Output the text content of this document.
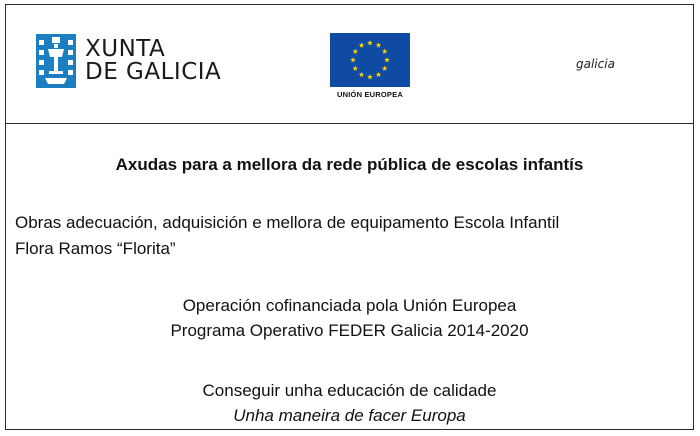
XUNTA
DE GALICIA
UNIÓN EUROPEA
galicia
Axudas para a mellora da rede pública de escolas infantís
Obras adecuación, adquisición e mellora de equipamento Escola Infantil
Flora Ramos “Florita”
Operación cofinanciada pola Unión Europea
Programa Operativo FEDER Galicia 2014-2020
Conseguir unha educación de calidade
Unha maneira de facer Europa
